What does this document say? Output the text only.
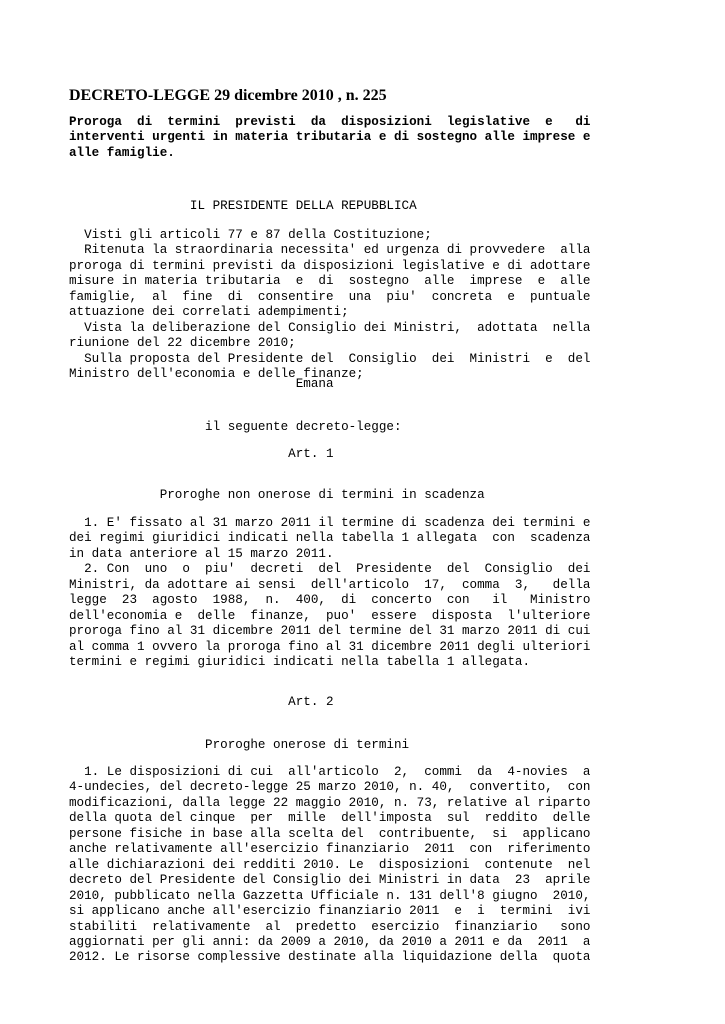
DECRETO-LEGGE 29 dicembre 2010 , n. 225
Proroga  di  termini  previsti  da  disposizioni  legislative  e   di
interventi urgenti in materia tributaria e di sostegno alle imprese e
alle famiglie.
IL PRESIDENTE DELLA REPUBBLICA
Visti gli articoli 77 e 87 della Costituzione;
Ritenuta la straordinaria necessita' ed urgenza di provvedere  alla
proroga di termini previsti da disposizioni legislative e di adottare
misure in materia tributaria  e  di  sostegno  alle  imprese  e  alle
famiglie,  al  fine  di  consentire  una  piu'  concreta  e  puntuale
attuazione dei correlati adempimenti;
Vista la deliberazione del Consiglio dei Ministri,  adottata  nella
riunione del 22 dicembre 2010;
Sulla proposta del Presidente del  Consiglio  dei  Ministri  e  del
Ministro dell'economia e delle finanze;
Emana
il seguente decreto-legge:
Art. 1
Proroghe non onerose di termini in scadenza
1. E' fissato al 31 marzo 2011 il termine di scadenza dei termini e
dei regimi giuridici indicati nella tabella 1 allegata  con  scadenza
in data anteriore al 15 marzo 2011.
2. Con  uno  o  piu'  decreti  del  Presidente  del  Consiglio  dei
Ministri, da adottare ai sensi  dell'articolo  17,  comma  3,   della
legge  23  agosto  1988,  n.  400,  di  concerto  con   il   Ministro
dell'economia e  delle  finanze,  puo'  essere  disposta  l'ulteriore
proroga fino al 31 dicembre 2011 del termine del 31 marzo 2011 di cui
al comma 1 ovvero la proroga fino al 31 dicembre 2011 degli ulteriori
termini e regimi giuridici indicati nella tabella 1 allegata.
Art. 2
Proroghe onerose di termini
1. Le disposizioni di cui  all'articolo  2,  commi  da  4-novies  a
4-undecies, del decreto-legge 25 marzo 2010, n. 40,  convertito,  con
modificazioni, dalla legge 22 maggio 2010, n. 73, relative al riparto
della quota del cinque  per  mille  dell'imposta  sul  reddito  delle
persone fisiche in base alla scelta del  contribuente,  si  applicano
anche relativamente all'esercizio finanziario  2011  con  riferimento
alle dichiarazioni dei redditi 2010. Le  disposizioni  contenute  nel
decreto del Presidente del Consiglio dei Ministri in data  23  aprile
2010, pubblicato nella Gazzetta Ufficiale n. 131 dell'8 giugno  2010,
si applicano anche all'esercizio finanziario 2011  e  i  termini  ivi
stabiliti  relativamente  al  predetto  esercizio  finanziario   sono
aggiornati per gli anni: da 2009 a 2010, da 2010 a 2011 e da  2011  a
2012. Le risorse complessive destinate alla liquidazione della  quota
